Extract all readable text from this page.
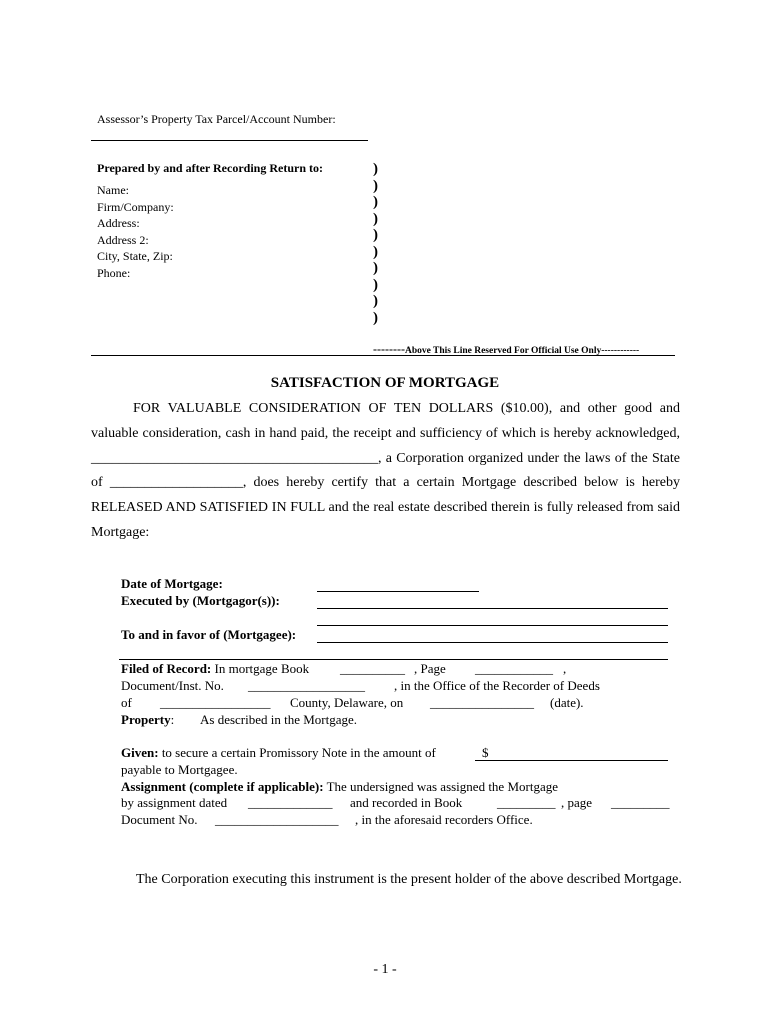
Assessor’s Property Tax Parcel/Account Number:
Prepared by and after Recording Return to:
Name:
Firm/Company:
Address:
Address 2:
City, State, Zip:
Phone:
)
)
)
)
)
)
)
)
)
)
--------Above This Line Reserved For Official Use Only------------
SATISFACTION OF MORTGAGE
FOR VALUABLE CONSIDERATION OF TEN DOLLARS ($10.00), and other good and
valuable consideration, cash in hand paid, the receipt and sufficiency of which is hereby acknowledged,
_________________________________________, a Corporation organized under the laws of the State
of ___________________, does hereby certify that a certain Mortgage described below is hereby
RELEASED AND SATISFIED IN FULL and the real estate described therein is fully released from said
Mortgage:
Date of Mortgage:
Executed by (Mortgagor(s)):
To and in favor of (Mortgagee):
Filed of Record: In mortgage Book __________ , Page ____________ ,
Document/Inst. No. __________________ , in the Office of the Recorder of Deeds
of _________________ County, Delaware, on ________________ (date).
Property: As described in the Mortgage.
Given: to secure a certain Promissory Note in the amount of	$
payable to Mortgagee.
Assignment (complete if applicable): The undersigned was assigned the Mortgage
by assignment dated _____________ and recorded in Book	_________ , page _________
Document No. ___________________ , in the aforesaid recorders Office.
The Corporation executing this instrument is the present holder of the above described Mortgage.
- 1 -
